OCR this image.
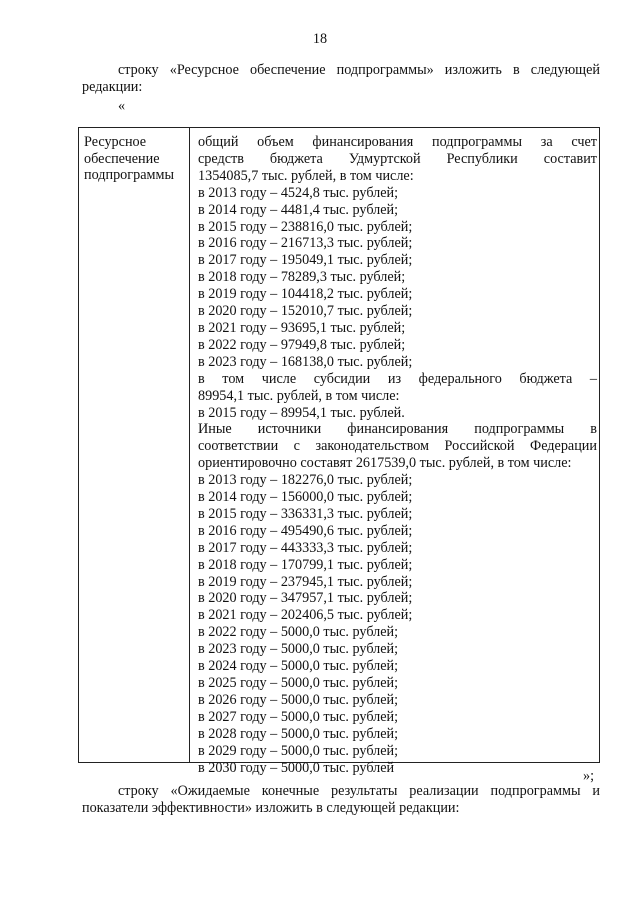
18
строку «Ресурсное обеспечение подпрограммы» изложить в следующей редакции:
«
Ресурсное обеспечение подпрограммы
общий объем финансирования подпрограммы за счет
средств бюджета Удмуртской Республики составит
1354085,7 тыс. рублей, в том числе:
в 2013 году – 4524,8 тыс. рублей;
в 2014 году – 4481,4 тыс. рублей;
в 2015 году – 238816,0 тыс. рублей;
в 2016 году – 216713,3 тыс. рублей;
в 2017 году – 195049,1 тыс. рублей;
в 2018 году – 78289,3 тыс. рублей;
в 2019 году – 104418,2 тыс. рублей;
в 2020 году – 152010,7 тыс. рублей;
в 2021 году – 93695,1 тыс. рублей;
в 2022 году – 97949,8 тыс. рублей;
в 2023 году – 168138,0 тыс. рублей;
в том числе субсидии из федерального бюджета –
89954,1 тыс. рублей, в том числе:
в 2015 году – 89954,1 тыс. рублей.
Иные источники финансирования подпрограммы в
соответствии с законодательством Российской Федерации
ориентировочно составят 2617539,0 тыс. рублей, в том числе:
в 2013 году – 182276,0 тыс. рублей;
в 2014 году – 156000,0 тыс. рублей;
в 2015 году – 336331,3 тыс. рублей;
в 2016 году – 495490,6 тыс. рублей;
в 2017 году – 443333,3 тыс. рублей;
в 2018 году – 170799,1 тыс. рублей;
в 2019 году – 237945,1 тыс. рублей;
в 2020 году – 347957,1 тыс. рублей;
в 2021 году – 202406,5 тыс. рублей;
в 2022 году – 5000,0 тыс. рублей;
в 2023 году – 5000,0 тыс. рублей;
в 2024 году – 5000,0 тыс. рублей;
в 2025 году – 5000,0 тыс. рублей;
в 2026 году – 5000,0 тыс. рублей;
в 2027 году – 5000,0 тыс. рублей;
в 2028 году – 5000,0 тыс. рублей;
в 2029 году – 5000,0 тыс. рублей;
в 2030 году – 5000,0 тыс. рублей
»;
строку «Ожидаемые конечные результаты реализации подпрограммы и показатели эффективности» изложить в следующей редакции:
